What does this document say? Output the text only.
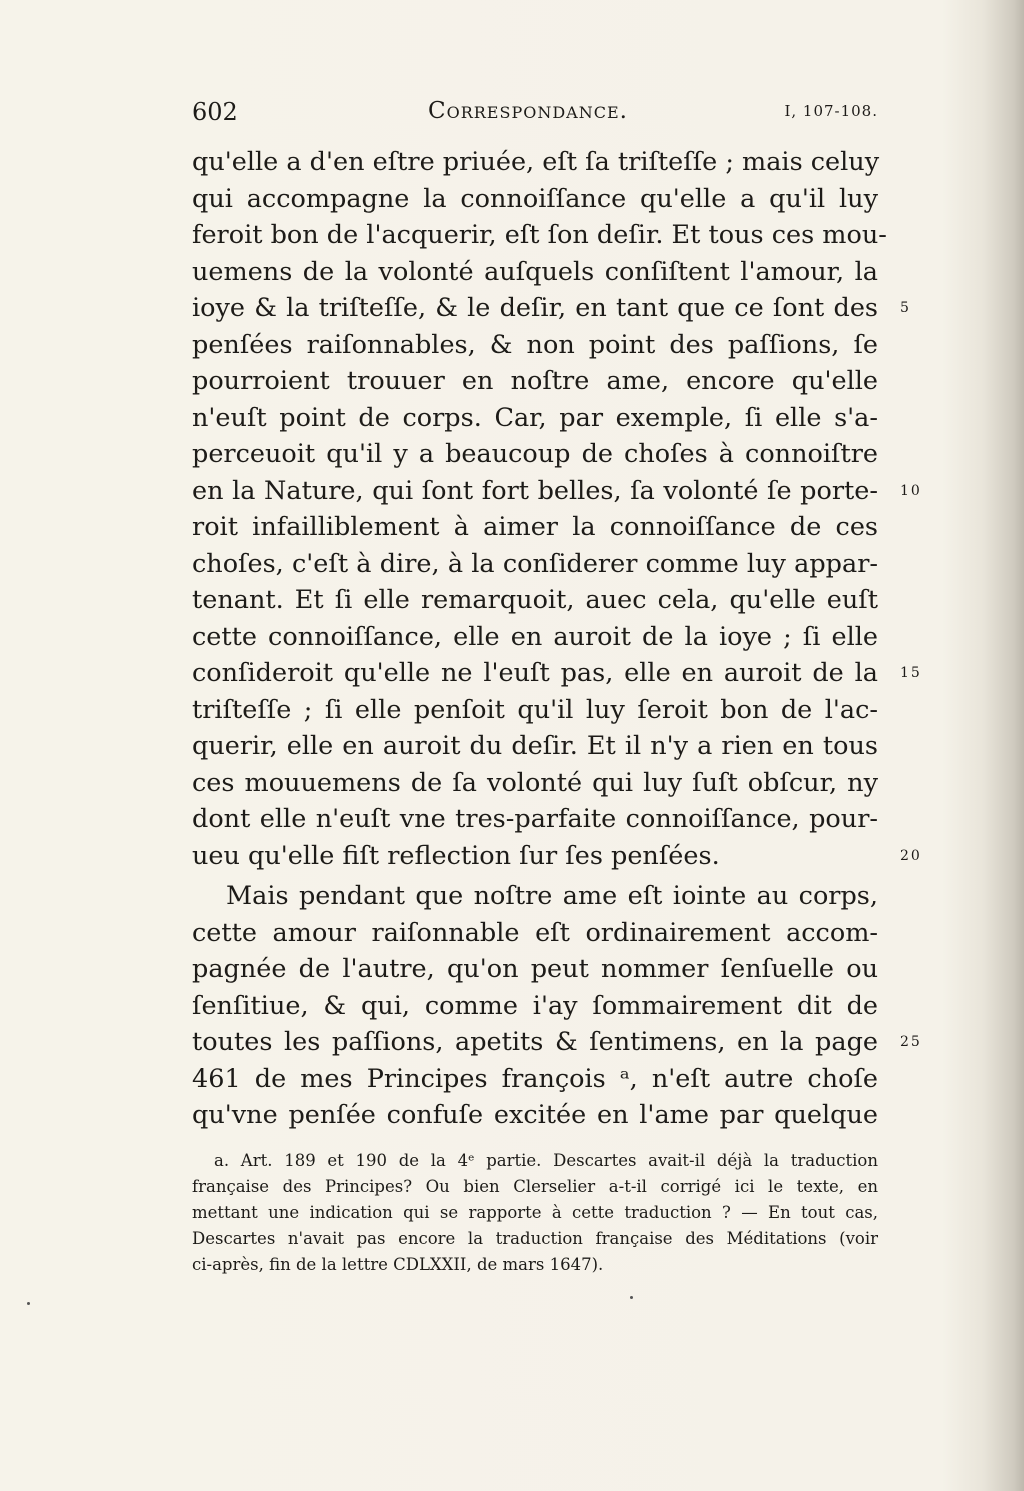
602	Correspondance.	I, 107-108.
qu'elle a d'en eſtre priuée, eſt ſa triſteſſe ; mais celuy
qui accompagne la connoiſſance qu'elle a qu'il luy
feroit bon de l'acquerir, eſt ſon deſir. Et tous ces mou-
uemens de la volonté auſquels conſiſtent l'amour, la
ioye & la triſteſſe, & le deſir, en tant que ce ſont des 5
penſées raiſonnables, & non point des paſſions, ſe
pourroient trouuer en noſtre ame, encore qu'elle
n'euſt point de corps. Car, par exemple, ſi elle s'a-
perceuoit qu'il y a beaucoup de choſes à connoiſtre
en la Nature, qui ſont fort belles, ſa volonté ſe porte- 10
roit infailliblement à aimer la connoiſſance de ces
choſes, c'eſt à dire, à la conſiderer comme luy appar-
tenant. Et ſi elle remarquoit, auec cela, qu'elle euſt
cette connoiſſance, elle en auroit de la ioye ; ſi elle
conſideroit qu'elle ne l'euſt pas, elle en auroit de la 15
triſteſſe ; ſi elle penſoit qu'il luy ſeroit bon de l'ac-
querir, elle en auroit du deſir. Et il n'y a rien en tous
ces mouuemens de ſa volonté qui luy ſuſt obſcur, ny
dont elle n'euſt vne tres-parfaite connoiſſance, pour-
ueu qu'elle fiſt reflection ſur ſes penſées.	20
Mais pendant que noſtre ame eſt iointe au corps,
cette amour raiſonnable eſt ordinairement accom-
pagnée de l'autre, qu'on peut nommer ſenſuelle ou
ſenſitiue, & qui, comme i'ay ſommairement dit de
toutes les paſſions, apetits & ſentimens, en la page 25
461 de mes Principes françois ᵃ, n'eſt autre choſe
qu'vne penſée confuſe excitée en l'ame par quelque
a. Art. 189 et 190 de la 4ᵉ partie. Descartes avait-il déjà la traduction
française des Principes? Ou bien Clerselier a-t-il corrigé ici le texte, en
mettant une indication qui se rapporte à cette traduction ? — En tout cas,
Descartes n'avait pas encore la traduction française des Méditations (voir
ci-après, fin de la lettre CDLXXII, de mars 1647).
